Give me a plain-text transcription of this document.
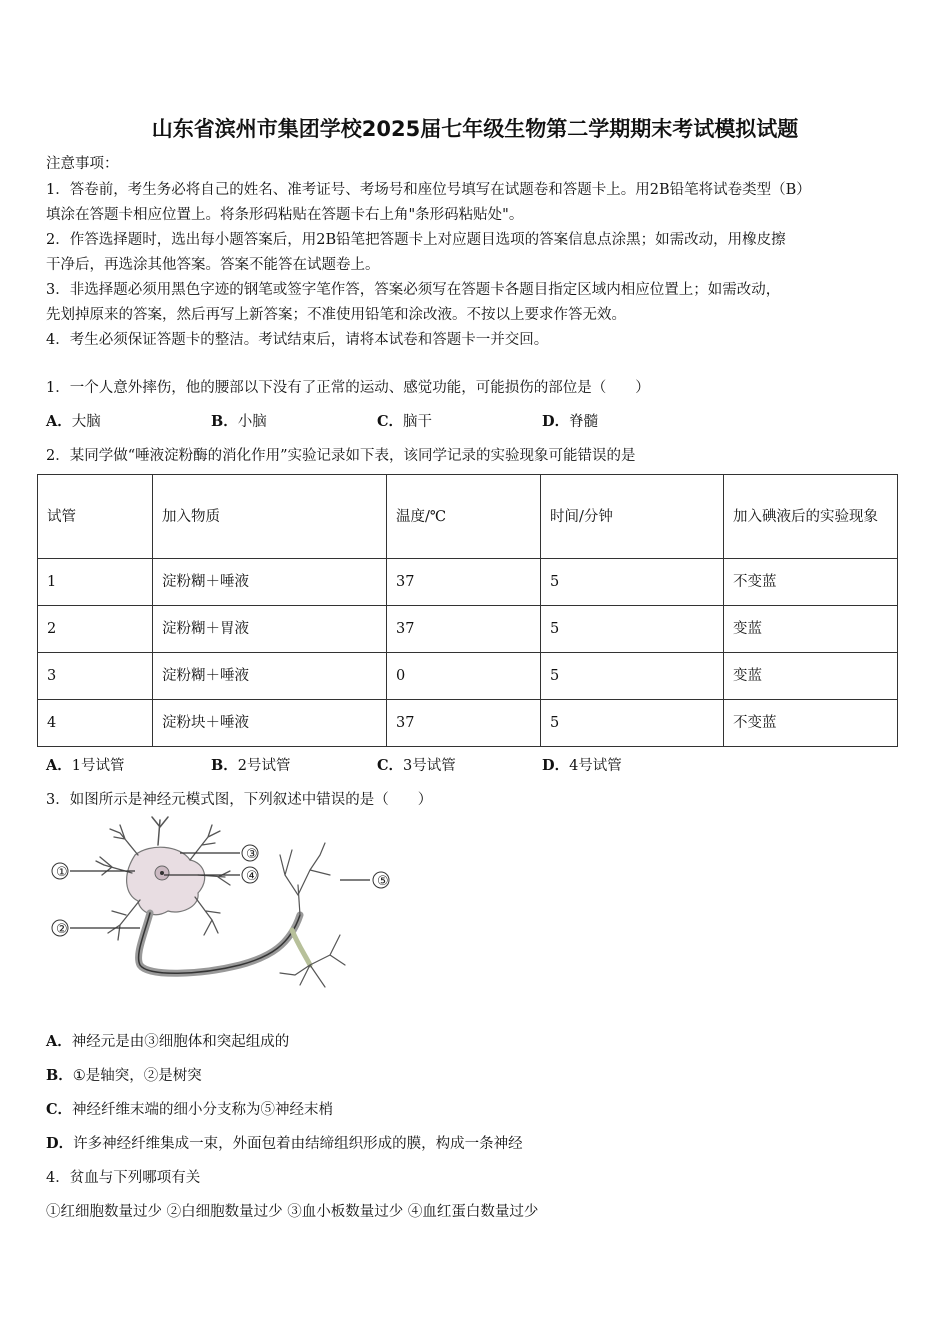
山东省滨州市集团学校2025届七年级生物第二学期期末考试模拟试题
注意事项：
1．答卷前，考生务必将自己的姓名、准考证号、考场号和座位号填写在试题卷和答题卡上。用2B铅笔将试卷类型（B）
填涂在答题卡相应位置上。将条形码粘贴在答题卡右上角"条形码粘贴处"。
2．作答选择题时，选出每小题答案后，用2B铅笔把答题卡上对应题目选项的答案信息点涂黑；如需改动，用橡皮擦
干净后，再选涂其他答案。答案不能答在试题卷上。
3．非选择题必须用黑色字迹的钢笔或签字笔作答，答案必须写在答题卡各题目指定区域内相应位置上；如需改动，
先划掉原来的答案，然后再写上新答案；不准使用铅笔和涂改液。不按以上要求作答无效。
4．考生必须保证答题卡的整洁。考试结束后，请将本试卷和答题卡一并交回。
1．一个人意外摔伤，他的腰部以下没有了正常的运动、感觉功能，可能损伤的部位是（　　）
A．大脑	B．小脑	C．脑干	D．脊髓
2．某同学做“唾液淀粉酶的消化作用”实验记录如下表，该同学记录的实验现象可能错误的是
试管	加入物质	温度/℃	时间/分钟	加入碘液后的实验现象
1	淀粉糊＋唾液	37	5	不变蓝
2	淀粉糊＋胃液	37	5	变蓝
3	淀粉糊＋唾液	0	5	变蓝
4	淀粉块＋唾液	37	5	不变蓝
A．1号试管	B．2号试管	C．3号试管	D．4号试管
3．如图所示是神经元模式图，下列叙述中错误的是（　　）
①
②
③
④	⑤
A．神经元是由③细胞体和突起组成的
B．①是轴突，②是树突
C．神经纤维末端的细小分支称为⑤神经末梢
D．许多神经纤维集成一束，外面包着由结缔组织形成的膜，构成一条神经
4．贫血与下列哪项有关
①红细胞数量过少 ②白细胞数量过少 ③血小板数量过少 ④血红蛋白数量过少
